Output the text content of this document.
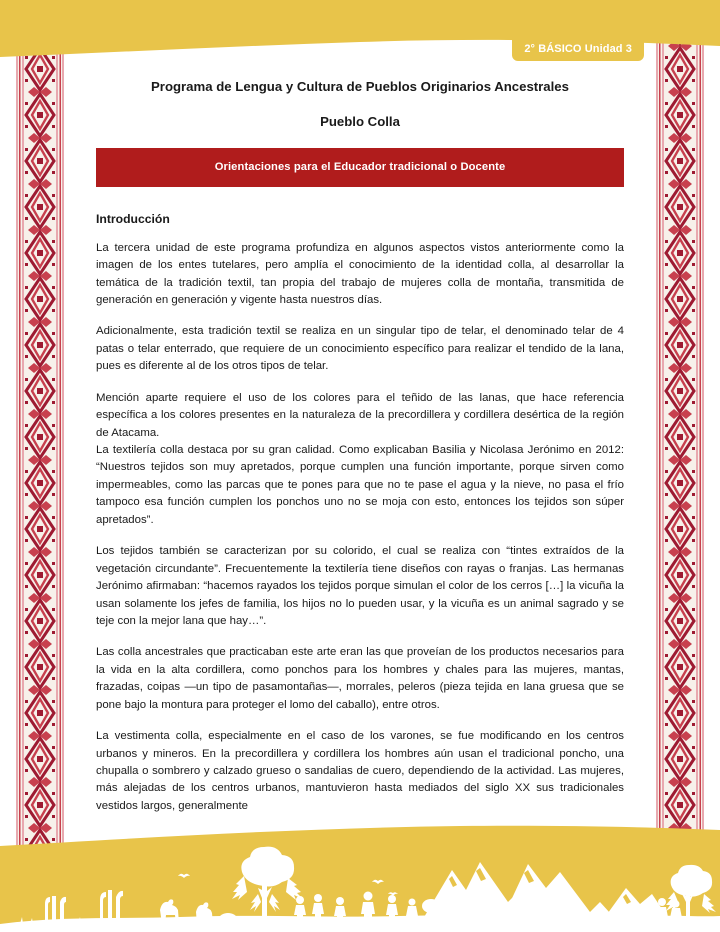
2° BÁSICO Unidad 3
Programa de Lengua y Cultura de Pueblos Originarios Ancestrales
Pueblo Colla
Orientaciones para el Educador tradicional o Docente
Introducción

La tercera unidad de este programa profundiza en algunos aspectos vistos anteriormente como la imagen de los entes tutelares, pero amplía el conocimiento de la identidad colla, al desarrollar la temática de la tradición textil, tan propia del trabajo de mujeres colla de montaña, transmitida de generación en generación y vigente hasta nuestros días.

Adicionalmente, esta tradición textil se realiza en un singular tipo de telar, el denominado telar de 4 patas o telar enterrado, que requiere de un conocimiento específico para realizar el tendido de la lana, pues es diferente al de los otros tipos de telar.

Mención aparte requiere el uso de los colores para el teñido de las lanas, que hace referencia específica a los colores presentes en la naturaleza de la precordillera y cordillera desértica de la región de Atacama.

La textilería colla destaca por su gran calidad. Como explicaban Basilia y Nicolasa Jerónimo en 2012: “Nuestros tejidos son muy apretados, porque cumplen una función importante, porque sirven como impermeables, como las parcas que te pones para que no te pase el agua y la nieve, no pasa el frío tampoco esa función cumplen los ponchos uno no se moja con esto, entonces los tejidos son súper apretados”.

Los tejidos también se caracterizan por su colorido, el cual se realiza con “tintes extraídos de la vegetación circundante”. Frecuentemente la textilería tiene diseños con rayas o franjas. Las hermanas Jerónimo afirmaban: “hacemos rayados los tejidos porque simulan el color de los cerros […] la vicuña la usan solamente los jefes de familia, los hijos no lo pueden usar, y la vicuña es un animal sagrado y se teje con la mejor lana que hay…”.

Las colla ancestrales que practicaban este arte eran las que proveían de los productos necesarios para la vida en la alta cordillera, como ponchos para los hombres y chales para las mujeres, mantas, frazadas, coipas —un tipo de pasamontañas—, morrales, peleros (pieza tejida en lana gruesa que se pone bajo la montura para proteger el lomo del caballo), entre otros.

La vestimenta colla, especialmente en el caso de los varones, se fue modificando en los centros urbanos y mineros. En la precordillera y cordillera los hombres aún usan el tradicional poncho, una chupalla o sombrero y calzado grueso o sandalias de cuero, dependiendo de la actividad. Las mujeres, más alejadas de los centros urbanos, mantuvieron hasta mediados del siglo XX sus tradicionales vestidos largos, generalmente
